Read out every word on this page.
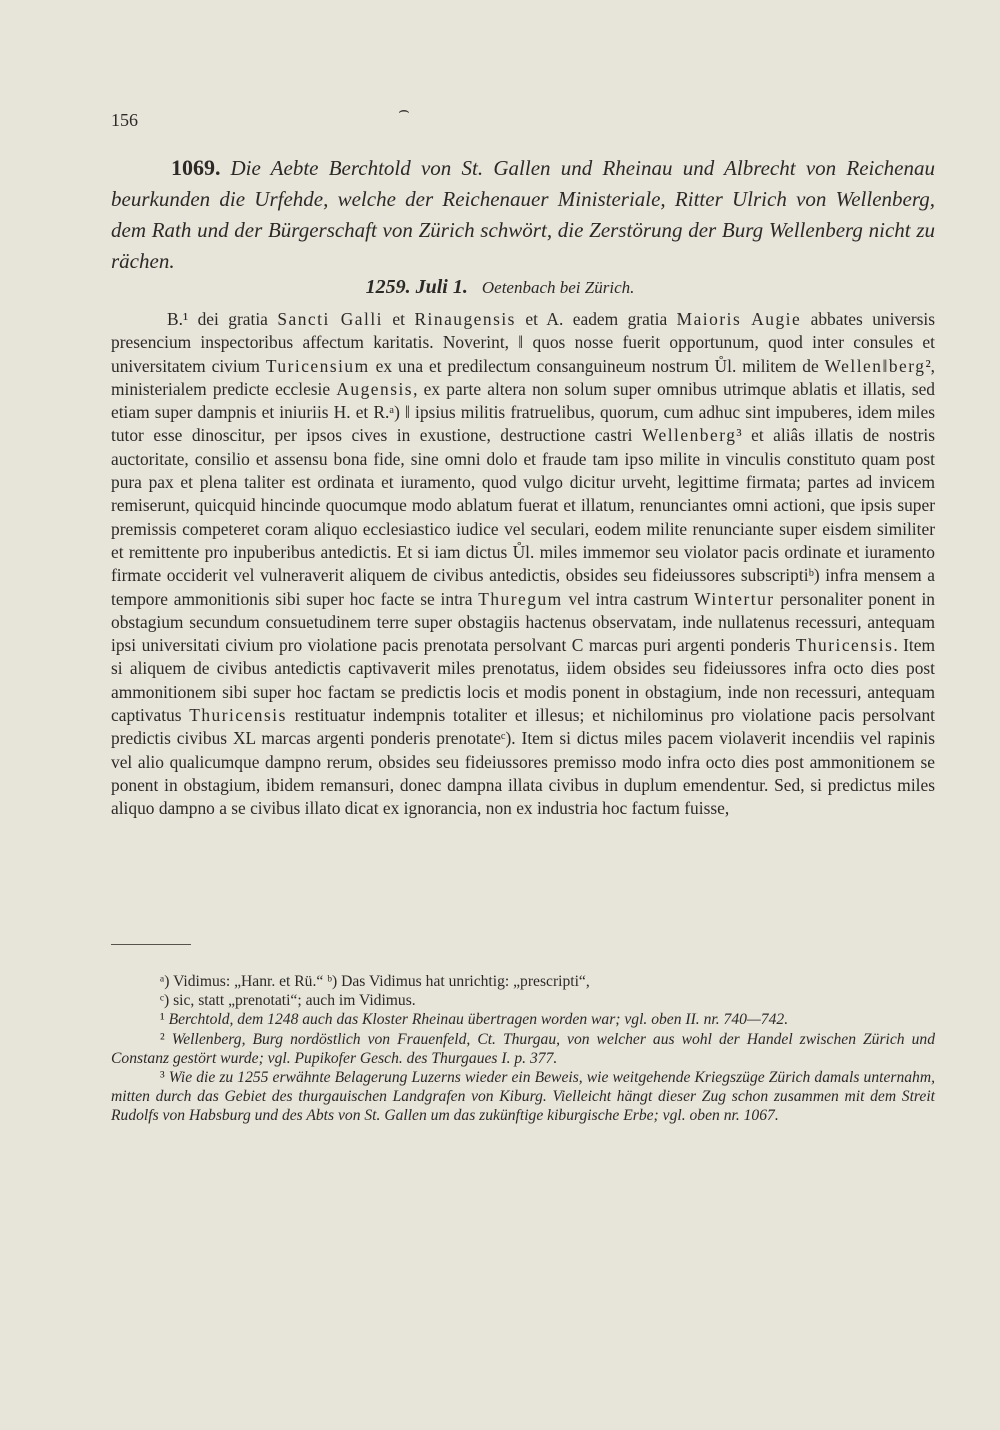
156	⌢
1069. Die Aebte Berchtold von St. Gallen und Rheinau und Albrecht von Reichenau beurkunden die Urfehde, welche der Reichenauer Ministeriale, Ritter Ulrich von Wellenberg, dem Rath und der Bürgerschaft von Zürich schwört, die Zerstörung der Burg Wellenberg nicht zu rächen.
1259. Juli 1. Oetenbach bei Zürich.
B.¹ dei gratia Sancti Galli et Rinaugensis et A. eadem gratia Maioris Augie abbates universis presencium inspectoribus affectum karitatis. Noverint, ‖ quos nosse fuerit opportunum, quod inter consules et universitatem civium Turicensium ex una et predilectum consanguineum nostrum Ůl. militem de Wellen‖berg², ministerialem predicte ecclesie Augensis, ex parte altera non solum super omnibus utrimque ablatis et illatis, sed etiam super dampnis et iniuriis H. et R.ᵃ) ‖ ipsius militis fratruelibus, quorum, cum adhuc sint impuberes, idem miles tutor esse dinoscitur, per ipsos cives in exustione, destructione castri Wellenberg³ et aliâs illatis de nostris auctoritate, consilio et assensu bona fide, sine omni dolo et fraude tam ipso milite in vinculis constituto quam post pura pax et plena taliter est ordinata et iuramento, quod vulgo dicitur urveht, legittime firmata; partes ad invicem remiserunt, quicquid hincinde quocumque modo ablatum fuerat et illatum, renunciantes omni actioni, que ipsis super premissis competeret coram aliquo ecclesiastico iudice vel seculari, eodem milite renunciante super eisdem similiter et remittente pro inpuberibus antedictis. Et si iam dictus Ůl. miles immemor seu violator pacis ordinate et iuramento firmate occiderit vel vulneraverit aliquem de civibus antedictis, obsides seu fideiussores subscriptiᵇ) infra mensem a tempore ammonitionis sibi super hoc facte se intra Thuregum vel intra castrum Wintertur personaliter ponent in obstagium secundum consuetudinem terre super obstagiis hactenus observatam, inde nullatenus recessuri, antequam ipsi universitati civium pro violatione pacis prenotata persolvant C marcas puri argenti ponderis Thuricensis. Item si aliquem de civibus antedictis captivaverit miles prenotatus, iidem obsides seu fideiussores infra octo dies post ammonitionem sibi super hoc factam se predictis locis et modis ponent in obstagium, inde non recessuri, antequam captivatus Thuricensis restituatur indempnis totaliter et illesus; et nichilominus pro violatione pacis persolvant predictis civibus XL marcas argenti ponderis prenotateᶜ). Item si dictus miles pacem violaverit incendiis vel rapinis vel alio qualicumque dampno rerum, obsides seu fideiussores premisso modo infra octo dies post ammonitionem se ponent in obstagium, ibidem remansuri, donec dampna illata civibus in duplum emendentur. Sed, si predictus miles aliquo dampno a se civibus illato dicat ex ignorancia, non ex industria hoc factum fuisse,

ᵃ) Vidimus: „Hanr. et Rü.“ ᵇ) Das Vidimus hat unrichtig: „prescripti“,

ᶜ) sic, statt „prenotati“; auch im Vidimus.

¹ Berchtold, dem 1248 auch das Kloster Rheinau übertragen worden war; vgl. oben II. nr. 740—742.

² Wellenberg, Burg nordöstlich von Frauenfeld, Ct. Thurgau, von welcher aus wohl der Handel zwischen Zürich und Constanz gestört wurde; vgl. Pupikofer Gesch. des Thurgaues I. p. 377.

³ Wie die zu 1255 erwähnte Belagerung Luzerns wieder ein Beweis, wie weitgehende Kriegszüge Zürich damals unternahm, mitten durch das Gebiet des thurgauischen Landgrafen von Kiburg. Vielleicht hängt dieser Zug schon zusammen mit dem Streit Rudolfs von Habsburg und des Abts von St. Gallen um das zukünftige kiburgische Erbe; vgl. oben nr. 1067.
